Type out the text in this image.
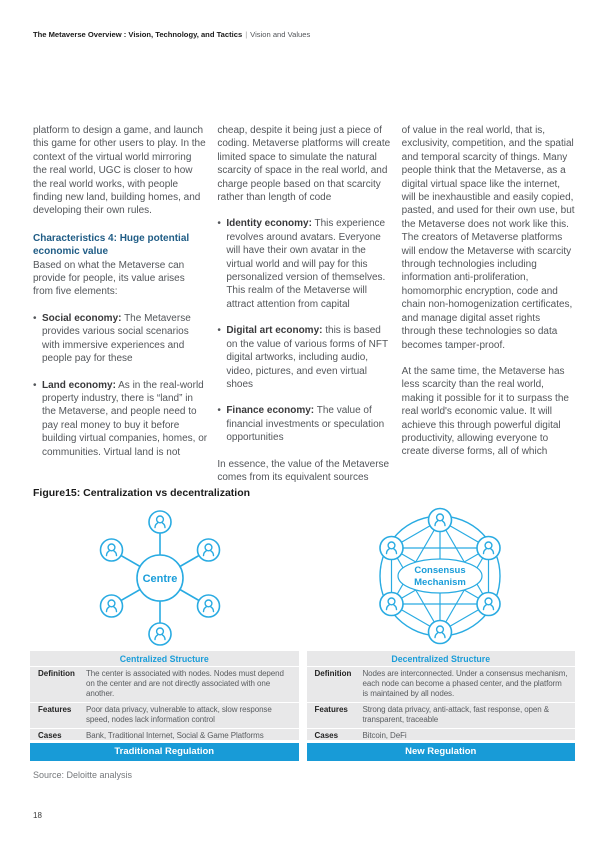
The Metaverse Overview : Vision, Technology, and Tactics | Vision and Values

platform to design a game, and launch this game for other users to play. In the context of the virtual world mirroring the real world, UGC is closer to how the real world works, with people finding new land, building homes, and developing their own rules.

Characteristics 4: Huge potential economic value

Based on what the Metaverse can provide for people, its value arises from five elements:

• Social economy: The Metaverse provides various social scenarios with immersive experiences and people pay for these
• Land economy: As in the real-world property industry, there is “land” in the Metaverse, and people need to pay real money to buy it before building virtual companies, homes, or communities. Virtual land is not

cheap, despite it being just a piece of coding. Metaverse platforms will create limited space to simulate the natural scarcity of space in the real world, and charge people based on that scarcity rather than length of code

• Identity economy: This experience revolves around avatars. Everyone will have their own avatar in the virtual world and will pay for this personalized version of themselves. This realm of the Metaverse will attract attention from capital
• Digital art economy: this is based on the value of various forms of NFT digital artworks, including audio, video, pictures, and even virtual shoes
• Finance economy: The value of financial investments or speculation opportunities

In essence, the value of the Metaverse comes from its equivalent sources

of value in the real world, that is, exclusivity, competition, and the spatial and temporal scarcity of things. Many people think that the Metaverse, as a digital virtual space like the internet, will be inexhaustible and easily copied, pasted, and used for their own use, but the Metaverse does not work like this. The creators of Metaverse platforms will endow the Metaverse with scarcity through technologies including information anti-proliferation, homomorphic encryption, code and chain non-homogenization certificates, and manage digital asset rights through these technologies so data becomes tamper-proof.

At the same time, the Metaverse has less scarcity than the real world, making it possible for it to surpass the real world's economic value. It will achieve this through powerful digital productivity, allowing everyone to create diverse forms, all of which

Figure15: Centralization vs decentralization
Centre
Consensus
Mechanism
Centralized Structure
Definition	The center is associated with nodes. Nodes must depend on the center and are not directly associated with one another.
Features	Poor data privacy, vulnerable to attack, slow response speed, nodes lack information control
Cases	Bank, Traditional Internet, Social & Game Platforms
Traditional Regulation
Decentralized Structure
Definition	Nodes are interconnected. Under a consensus mechanism, each node can become a phased center, and the platform is maintained by all nodes.
Features	Strong data privacy, anti-attack, fast response, open & transparent, traceable
Cases	Bitcoin, DeFi
New Regulation
Source: Deloitte analysis
18
